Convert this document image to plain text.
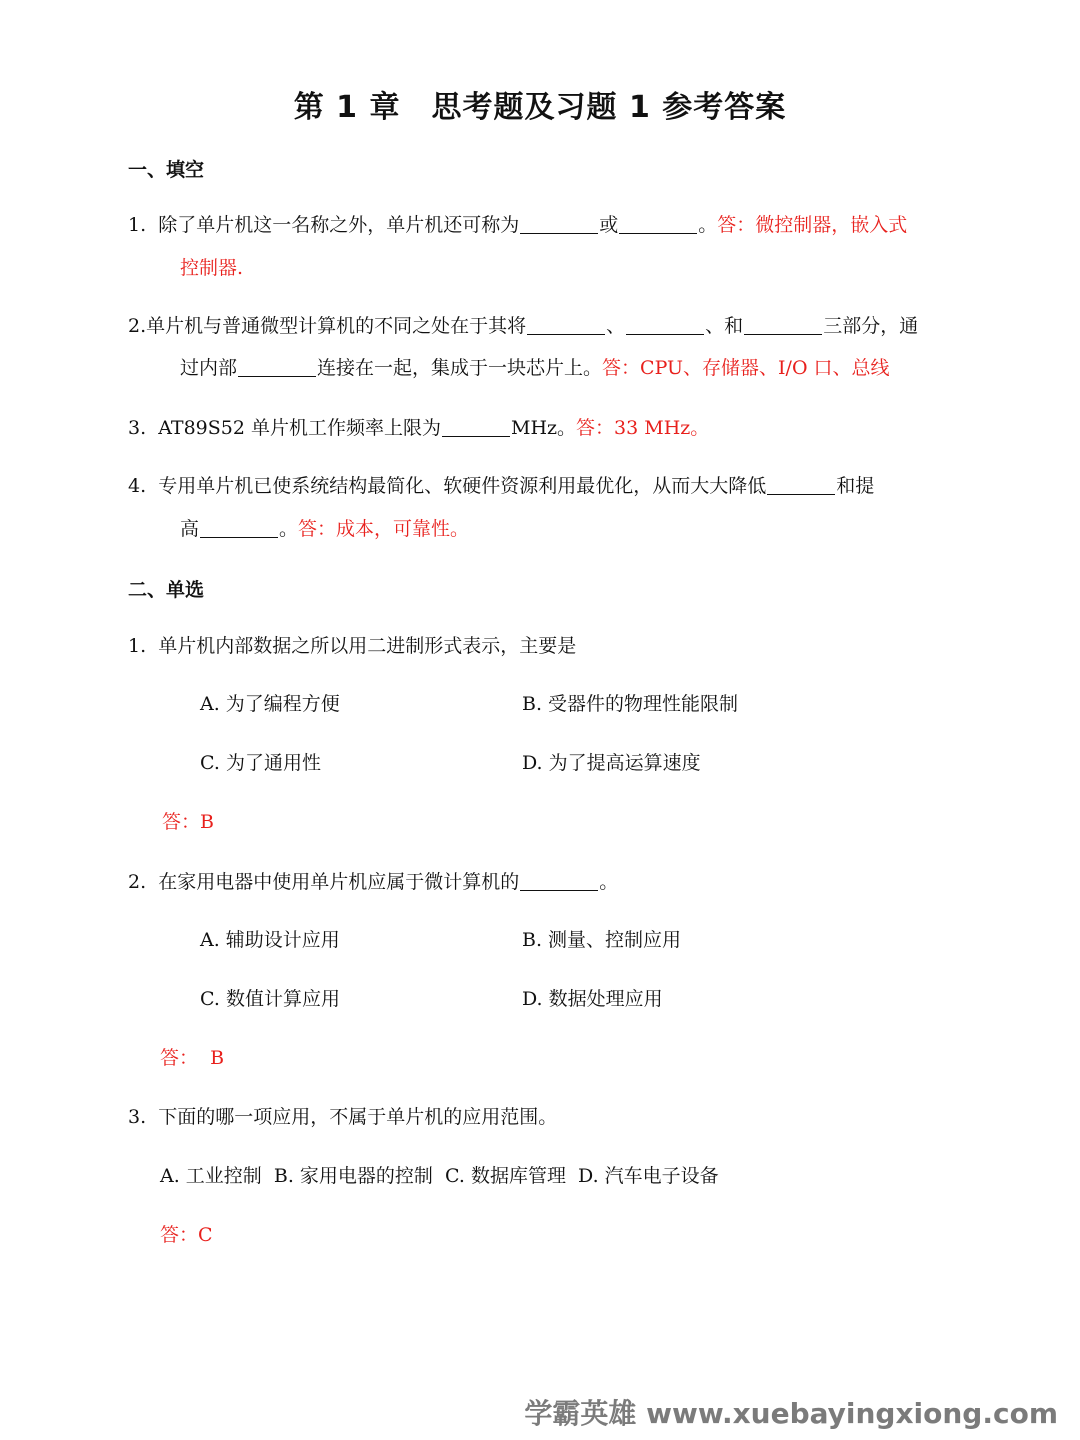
第 1 章　思考题及习题 1 参考答案
一、填空
1. 除了单片机这一名称之外，单片机还可称为	或	。答：微控制器，嵌入式
控制器.
2.单片机与普通微型计算机的不同之处在于其将	、	、和	三部分，通
过内部	连接在一起，集成于一块芯片上。答：CPU、存储器、I/O 口、总线
3. AT89S52 单片机工作频率上限为	MHz。答：33 MHz。
4. 专用单片机已使系统结构最简化、软硬件资源利用最优化，从而大大降低	和提
高	。答：成本，可靠性。
二、单选
1. 单片机内部数据之所以用二进制形式表示，主要是
A. 为了编程方便	B. 受器件的物理性能限制
C. 为了通用性	D. 为了提高运算速度
答：B
2. 在家用电器中使用单片机应属于微计算机的	。
A. 辅助设计应用	B. 测量、控制应用
C. 数值计算应用	D. 数据处理应用
答：  B
3. 下面的哪一项应用，不属于单片机的应用范围。
A. 工业控制  B. 家用电器的控制  C. 数据库管理  D. 汽车电子设备
答：C
学霸英雄 www.xuebayingxiong.com
